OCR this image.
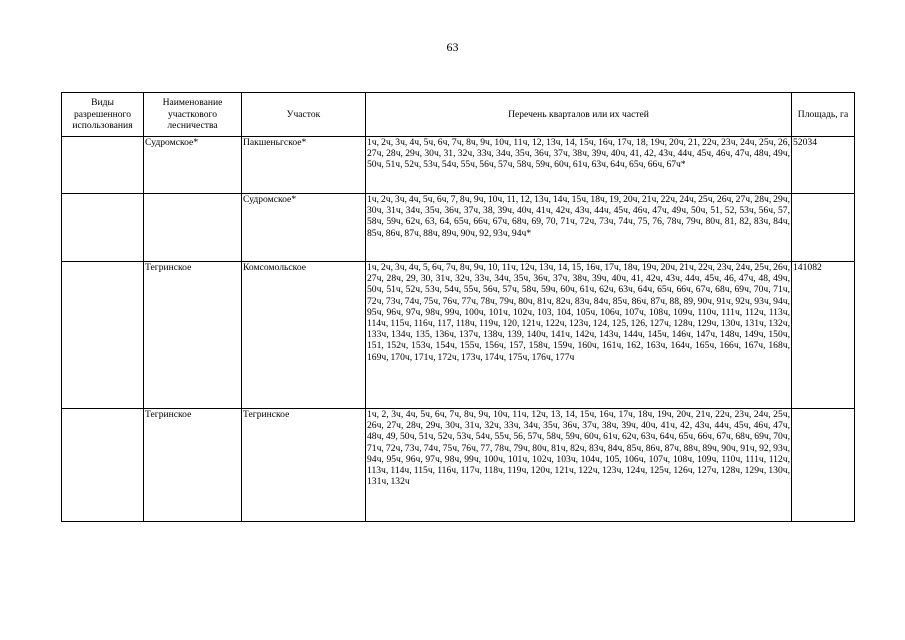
63
Виды разрешенного использования	Наименование участкового лесничества	Участок	Перечень кварталов или их частей	Площадь, га
	Судромское*	Пакшеньгское*	1ч, 2ч, 3ч, 4ч, 5ч, 6ч, 7ч, 8ч, 9ч, 10ч, 11ч, 12, 13ч, 14, 15ч, 16ч, 17ч, 18, 19ч, 20ч, 21, 22ч, 23ч, 24ч, 25ч, 26, 27ч, 28ч, 29ч, 30ч, 31, 32ч, 33ч, 34ч, 35ч, 36ч, 37ч, 38ч, 39ч, 40ч, 41, 42, 43ч, 44ч, 45ч, 46ч, 47ч, 48ч, 49ч, 50ч, 51ч, 52ч, 53ч, 54ч, 55ч, 56ч, 57ч, 58ч, 59ч, 60ч, 61ч, 63ч, 64ч, 65ч, 66ч, 67ч*	52034
		Судромское*	1ч, 2ч, 3ч, 4ч, 5ч, 6ч, 7, 8ч, 9ч, 10ч, 11, 12, 13ч, 14ч, 15ч, 18ч, 19, 20ч, 21ч, 22ч, 24ч, 25ч, 26ч, 27ч, 28ч, 29ч, 30ч, 31ч, 34ч, 35ч, 36ч, 37ч, 38, 39ч, 40ч, 41ч, 42ч, 43ч, 44ч, 45ч, 46ч, 47ч, 49ч, 50ч, 51, 52, 53ч, 56ч, 57, 58ч, 59ч, 62ч, 63, 64, 65ч, 66ч, 67ч, 68ч, 69, 70, 71ч, 72ч, 73ч, 74ч, 75, 76, 78ч, 79ч, 80ч, 81, 82, 83ч, 84ч, 85ч, 86ч, 87ч, 88ч, 89ч, 90ч, 92, 93ч, 94ч*	
	Тегринское	Комсомольское	1ч, 2ч, 3ч, 4ч, 5, 6ч, 7ч, 8ч, 9ч, 10, 11ч, 12ч, 13ч, 14, 15, 16ч, 17ч, 18ч, 19ч, 20ч, 21ч, 22ч, 23ч, 24ч, 25ч, 26ч, 27ч, 28ч, 29, 30, 31ч, 32ч, 33ч, 34ч, 35ч, 36ч, 37ч, 38ч, 39ч, 40ч, 41, 42ч, 43ч, 44ч, 45ч, 46, 47ч, 48, 49ч, 50ч, 51ч, 52ч, 53ч, 54ч, 55ч, 56ч, 57ч, 58ч, 59ч, 60ч, 61ч, 62ч, 63ч, 64ч, 65ч, 66ч, 67ч, 68ч, 69ч, 70ч, 71ч, 72ч, 73ч, 74ч, 75ч, 76ч, 77ч, 78ч, 79ч, 80ч, 81ч, 82ч, 83ч, 84ч, 85ч, 86ч, 87ч, 88, 89, 90ч, 91ч, 92ч, 93ч, 94ч, 95ч, 96ч, 97ч, 98ч, 99ч, 100ч, 101ч, 102ч, 103, 104, 105ч, 106ч, 107ч, 108ч, 109ч, 110ч, 111ч, 112ч, 113ч, 114ч, 115ч, 116ч, 117, 118ч, 119ч, 120, 121ч, 122ч, 123ч, 124, 125, 126, 127ч, 128ч, 129ч, 130ч, 131ч, 132ч, 133ч, 134ч, 135, 136ч, 137ч, 138ч, 139, 140ч, 141ч, 142ч, 143ч, 144ч, 145ч, 146ч, 147ч, 148ч, 149ч, 150ч, 151, 152ч, 153ч, 154ч, 155ч, 156ч, 157, 158ч, 159ч, 160ч, 161ч, 162, 163ч, 164ч, 165ч, 166ч, 167ч, 168ч, 169ч, 170ч, 171ч, 172ч, 173ч, 174ч, 175ч, 176ч, 177ч	141082
	Тегринское	Тегринское	1ч, 2, 3ч, 4ч, 5ч, 6ч, 7ч, 8ч, 9ч, 10ч, 11ч, 12ч, 13, 14, 15ч, 16ч, 17ч, 18ч, 19ч, 20ч, 21ч, 22ч, 23ч, 24ч, 25ч, 26ч, 27ч, 28ч, 29ч, 30ч, 31ч, 32ч, 33ч, 34ч, 35ч, 36ч, 37ч, 38ч, 39ч, 40ч, 41ч, 42, 43ч, 44ч, 45ч, 46ч, 47ч, 48ч, 49, 50ч, 51ч, 52ч, 53ч, 54ч, 55ч, 56, 57ч, 58ч, 59ч, 60ч, 61ч, 62ч, 63ч, 64ч, 65ч, 66ч, 67ч, 68ч, 69ч, 70ч, 71ч, 72ч, 73ч, 74ч, 75ч, 76ч, 77, 78ч, 79ч, 80ч, 81ч, 82ч, 83ч, 84ч, 85ч, 86ч, 87ч, 88ч, 89ч, 90ч, 91ч, 92, 93ч, 94ч, 95ч, 96ч, 97ч, 98ч, 99ч, 100ч, 101ч, 102ч, 103ч, 104ч, 105, 106ч, 107ч, 108ч, 109ч, 110ч, 111ч, 112ч, 113ч, 114ч, 115ч, 116ч, 117ч, 118ч, 119ч, 120ч, 121ч, 122ч, 123ч, 124ч, 125ч, 126ч, 127ч, 128ч, 129ч, 130ч, 131ч, 132ч	
